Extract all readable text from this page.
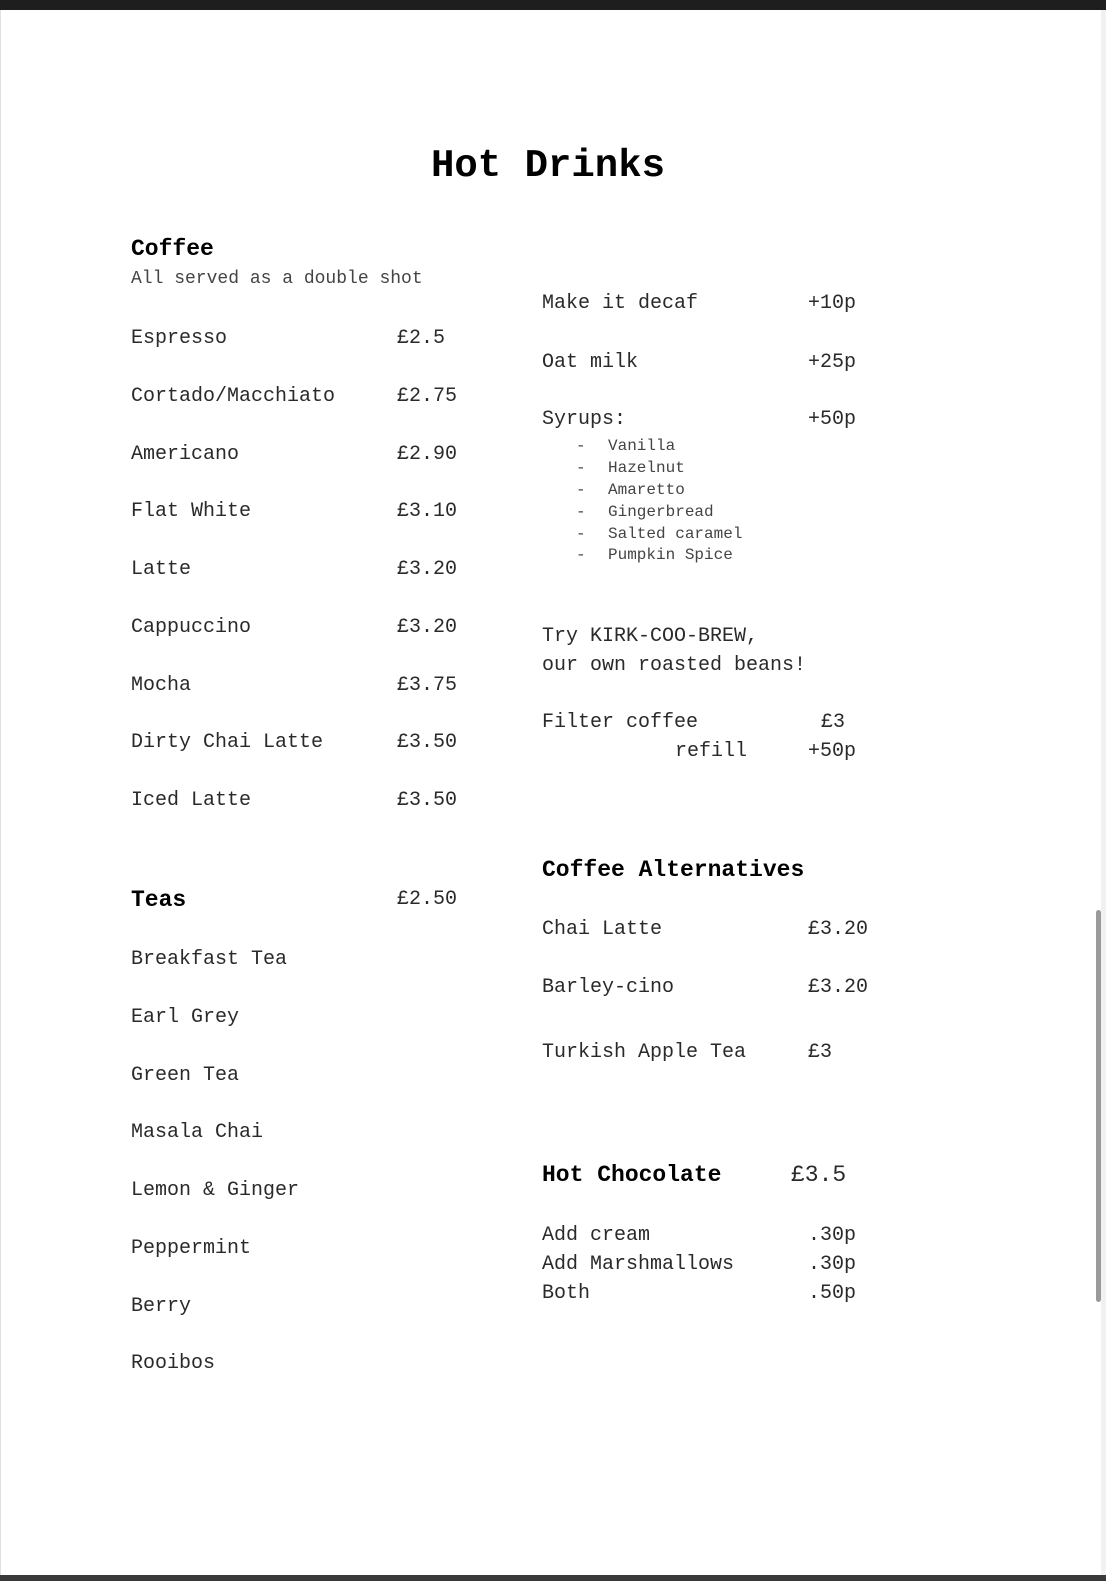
Hot Drinks
Coffee
All served as a double shot
Espresso	£2.5
Cortado/Macchiato	£2.75
Americano	£2.90
Flat White	£3.10
Latte	£3.20
Cappuccino	£3.20
Mocha	£3.75
Dirty Chai Latte	£3.50
Iced Latte	£3.50
Teas	£2.50
Breakfast Tea
Earl Grey
Green Tea
Masala Chai
Lemon & Ginger
Peppermint
Berry
Rooibos
Make it decaf	+10p
Oat milk	+25p
Syrups:	+50p
- Vanilla
- Hazelnut
- Amaretto
- Gingerbread
- Salted caramel
- Pumpkin Spice
Try KIRK-COO-BREW,
our own roasted beans!
Filter coffee	£3
refill	+50p
Coffee Alternatives
Chai Latte	£3.20
Barley-cino	£3.20
Turkish Apple Tea	£3
Hot Chocolate	£3.5
Add cream	.30p
Add Marshmallows	.30p
Both	.50p
